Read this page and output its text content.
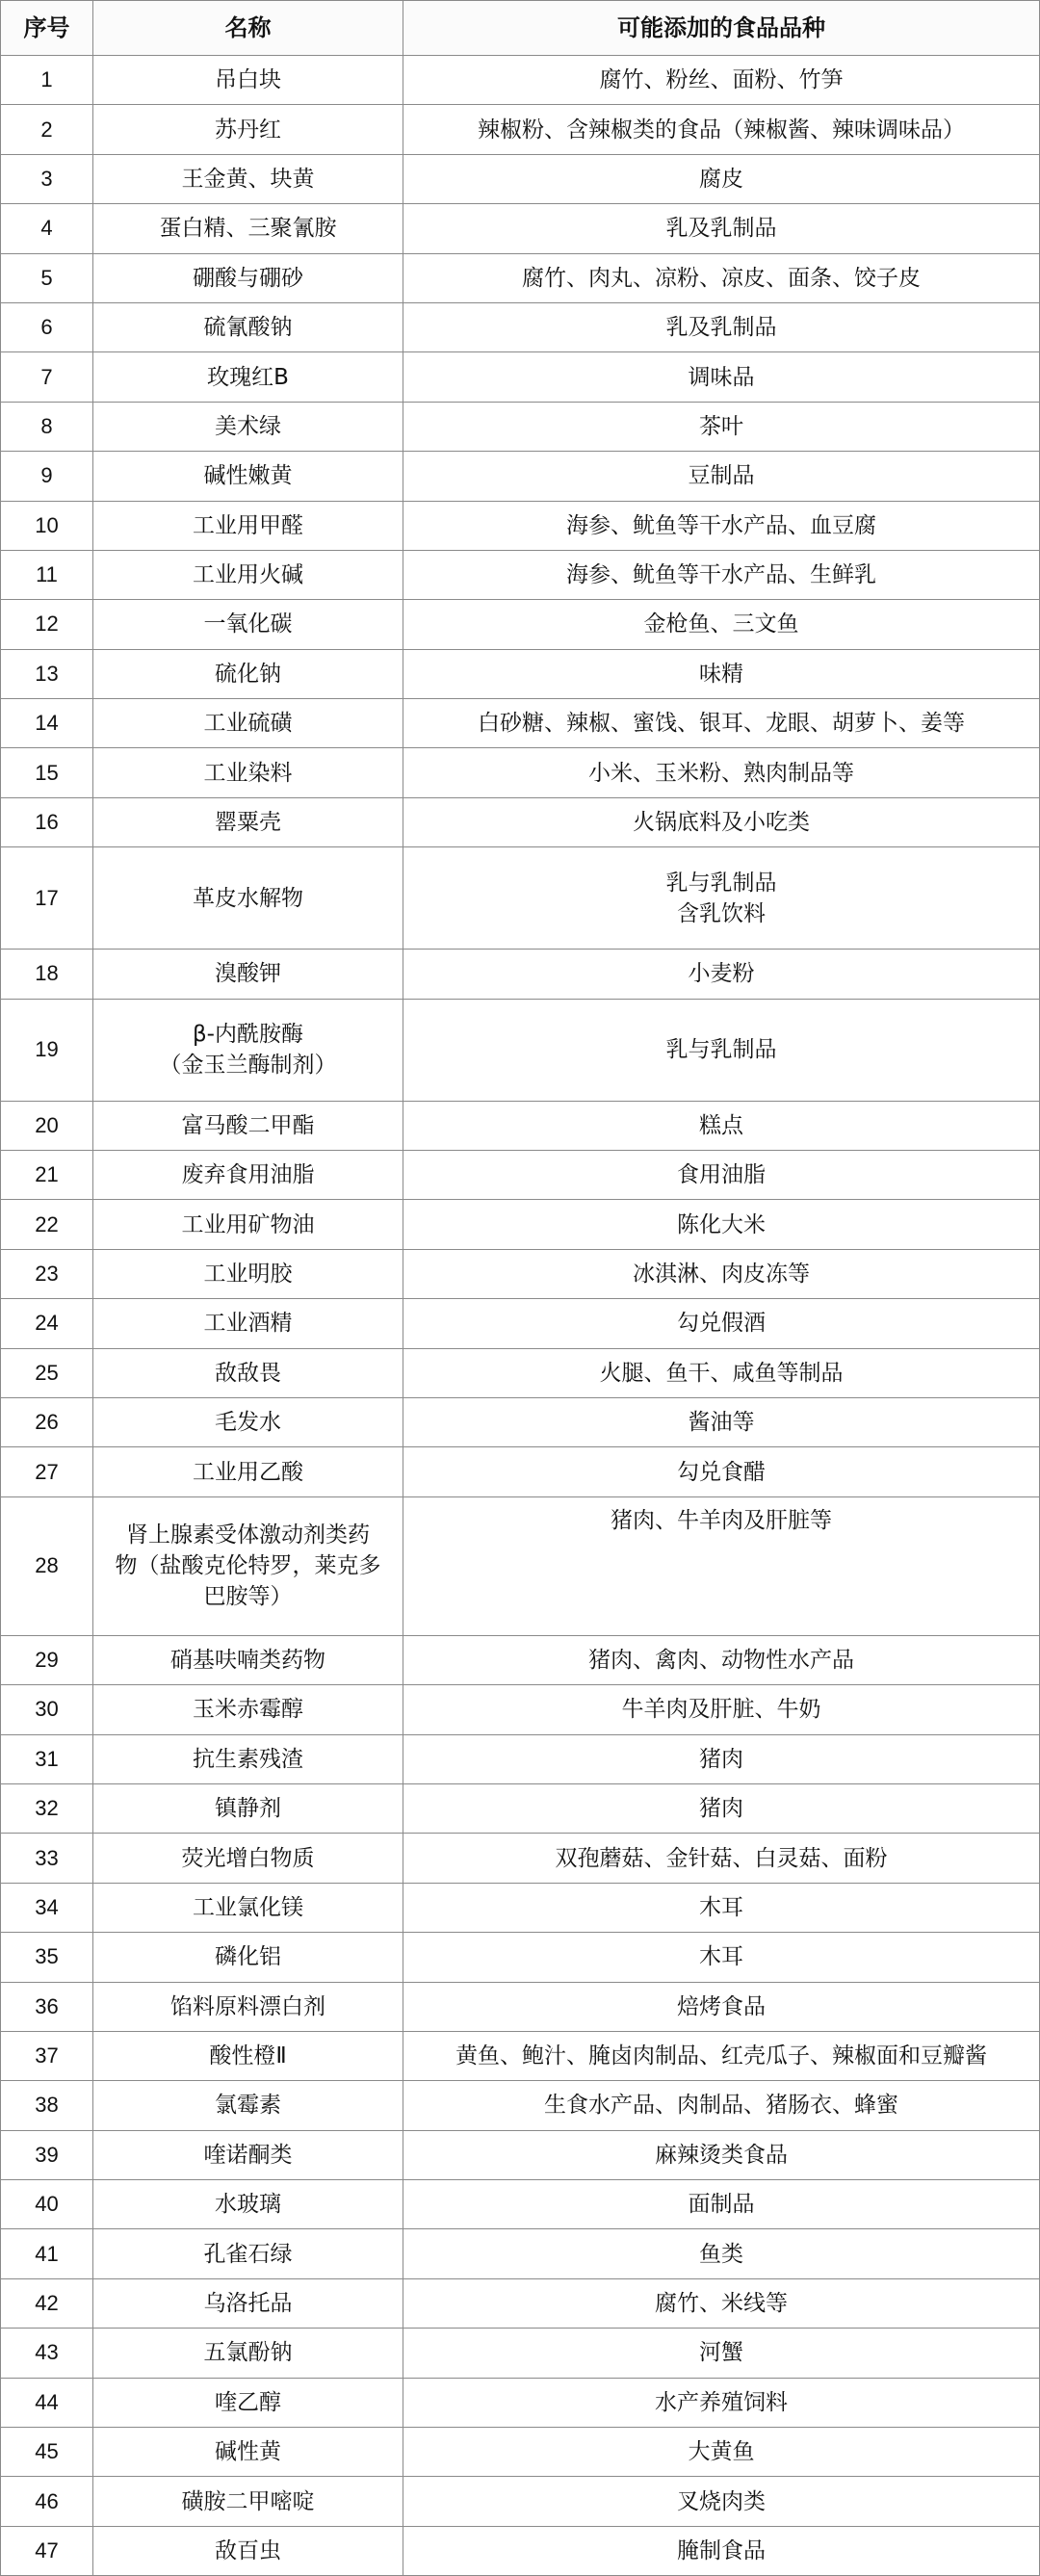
序号	名称	可能添加的食品品种
1	吊白块	腐竹、粉丝、面粉、竹笋
2	苏丹红	辣椒粉、含辣椒类的食品（辣椒酱、辣味调味品）
3	王金黄、块黄	腐皮
4	蛋白精、三聚氰胺	乳及乳制品
5	硼酸与硼砂	腐竹、肉丸、凉粉、凉皮、面条、饺子皮
6	硫氰酸钠	乳及乳制品
7	玫瑰红B	调味品
8	美术绿	茶叶
9	碱性嫩黄	豆制品
10	工业用甲醛	海参、鱿鱼等干水产品、血豆腐
11	工业用火碱	海参、鱿鱼等干水产品、生鲜乳
12	一氧化碳	金枪鱼、三文鱼
13	硫化钠	味精
14	工业硫磺	白砂糖、辣椒、蜜饯、银耳、龙眼、胡萝卜、姜等
15	工业染料	小米、玉米粉、熟肉制品等
16	罂粟壳	火锅底料及小吃类
17	革皮水解物	乳与乳制品
含乳饮料

18	溴酸钾	小麦粉
19	β-内酰胺酶
（金玉兰酶制剂）	乳与乳制品
20	富马酸二甲酯	糕点
21	废弃食用油脂	食用油脂
22	工业用矿物油	陈化大米
23	工业明胶	冰淇淋、肉皮冻等
24	工业酒精	勾兑假酒
25	敌敌畏	火腿、鱼干、咸鱼等制品
26	毛发水	酱油等
27	工业用乙酸	勾兑食醋
28	肾上腺素受体激动剂类药
物（盐酸克伦特罗，莱克多
巴胺等）	猪肉、牛羊肉及肝脏等
29	硝基呋喃类药物	猪肉、禽肉、动物性水产品
30	玉米赤霉醇	牛羊肉及肝脏、牛奶
31	抗生素残渣	猪肉
32	镇静剂	猪肉
33	荧光增白物质	双孢蘑菇、金针菇、白灵菇、面粉
34	工业氯化镁	木耳
35	磷化铝	木耳
36	馅料原料漂白剂	焙烤食品
37	酸性橙Ⅱ	黄鱼、鲍汁、腌卤肉制品、红壳瓜子、辣椒面和豆瓣酱
38	氯霉素	生食水产品、肉制品、猪肠衣、蜂蜜
39	喹诺酮类	麻辣烫类食品
40	水玻璃	面制品
41	孔雀石绿	鱼类
42	乌洛托品	腐竹、米线等
43	五氯酚钠	河蟹
44	喹乙醇	水产养殖饲料
45	碱性黄	大黄鱼
46	磺胺二甲嘧啶	叉烧肉类
47	敌百虫	腌制食品
